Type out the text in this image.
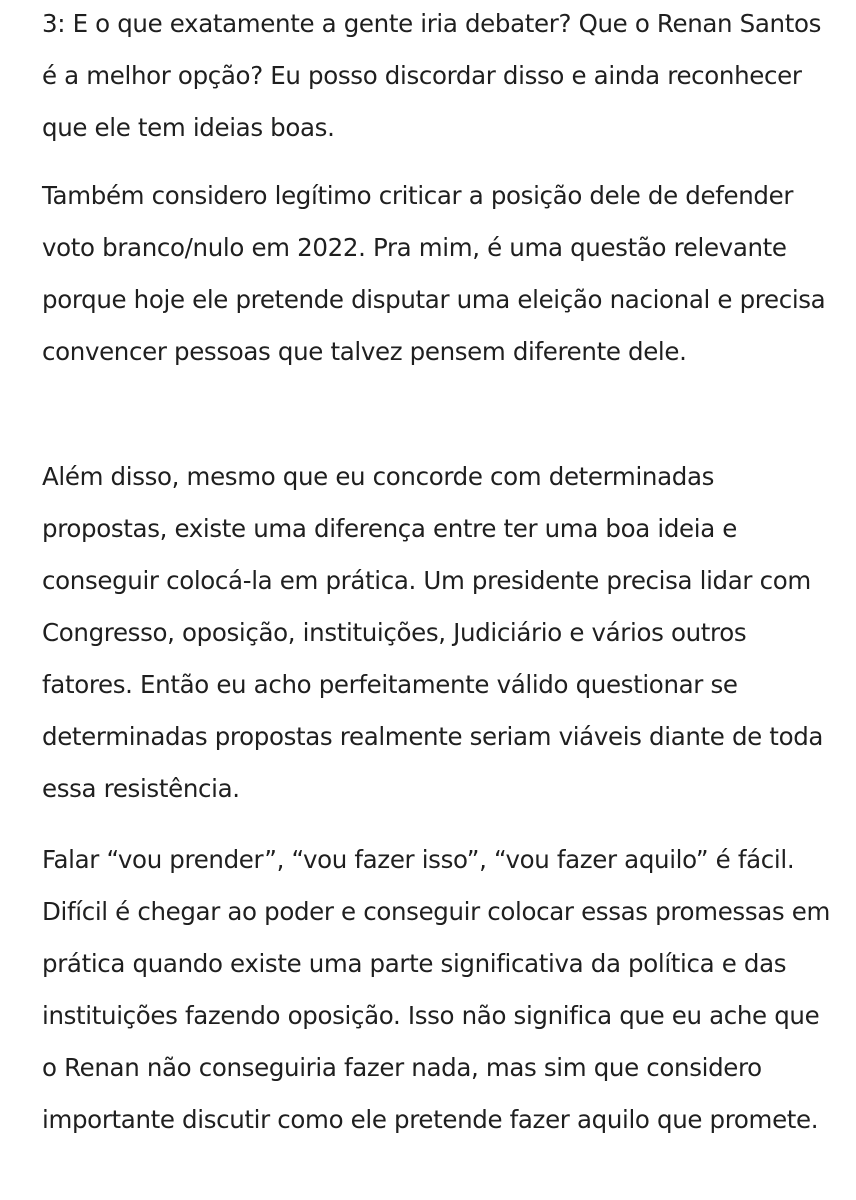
3: E o que exatamente a gente iria debater? Que o Renan Santos é a melhor opção? Eu posso discordar disso e ainda reconhecer que ele tem ideias boas.

Também considero legítimo criticar a posição dele de defender voto branco/nulo em 2022. Pra mim, é uma questão relevante porque hoje ele pretende disputar uma eleição nacional e precisa convencer pessoas que talvez pensem diferente dele.

Além disso, mesmo que eu concorde com determinadas propostas, existe uma diferença entre ter uma boa ideia e conseguir colocá-la em prática. Um presidente precisa lidar com Congresso, oposição, instituições, Judiciário e vários outros fatores. Então eu acho perfeitamente válido questionar se determinadas propostas realmente seriam viáveis diante de toda essa resistência.

Falar “vou prender”, “vou fazer isso”, “vou fazer aquilo” é fácil. Difícil é chegar ao poder e conseguir colocar essas promessas em prática quando existe uma parte significativa da política e das instituições fazendo oposição. Isso não significa que eu ache que o Renan não conseguiria fazer nada, mas sim que considero importante discutir como ele pretende fazer aquilo que promete.
